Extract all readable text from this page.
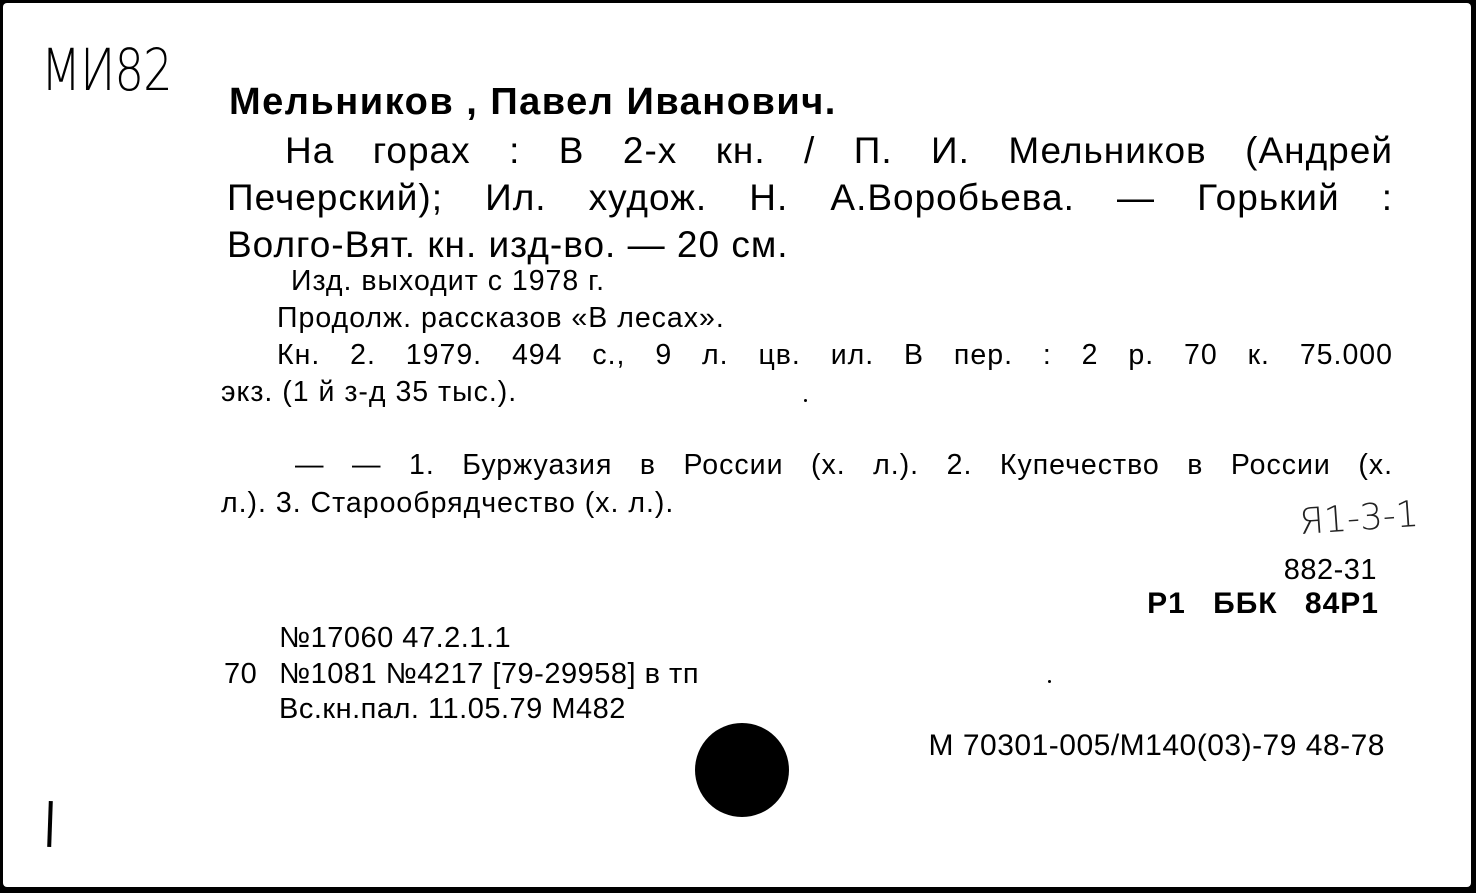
МИ82 Мельников , Павел Иванович.
На горах : В 2-х кн. / П. И. Мельников (Андрей
Печерский); Ил. худож. Н. А.Воробьева. — Горький :
Волго-Вят. кн. изд-во. — 20 см.
Изд. выходит с 1978 г.
Продолж. рассказов «В лесах».
Кн. 2. 1979. 494 с., 9 л. цв. ил. В пер. : 2 р. 70 к. 75.000
экз. (1 й з-д 35 тыс.).
— — 1. Буржуазия в России (х. л.). 2. Купечество в России (х.
л.). 3. Старообрядчество (х. л.).	Я1-3-1
882-31
Р1 ББК 84Р1
№17060 47.2.1.1
70 №1081 №4217 [79-29958] в тп
Вс.кн.пал. 11.05.79 М482
М 70301-005/М140(03)-79 48-78
